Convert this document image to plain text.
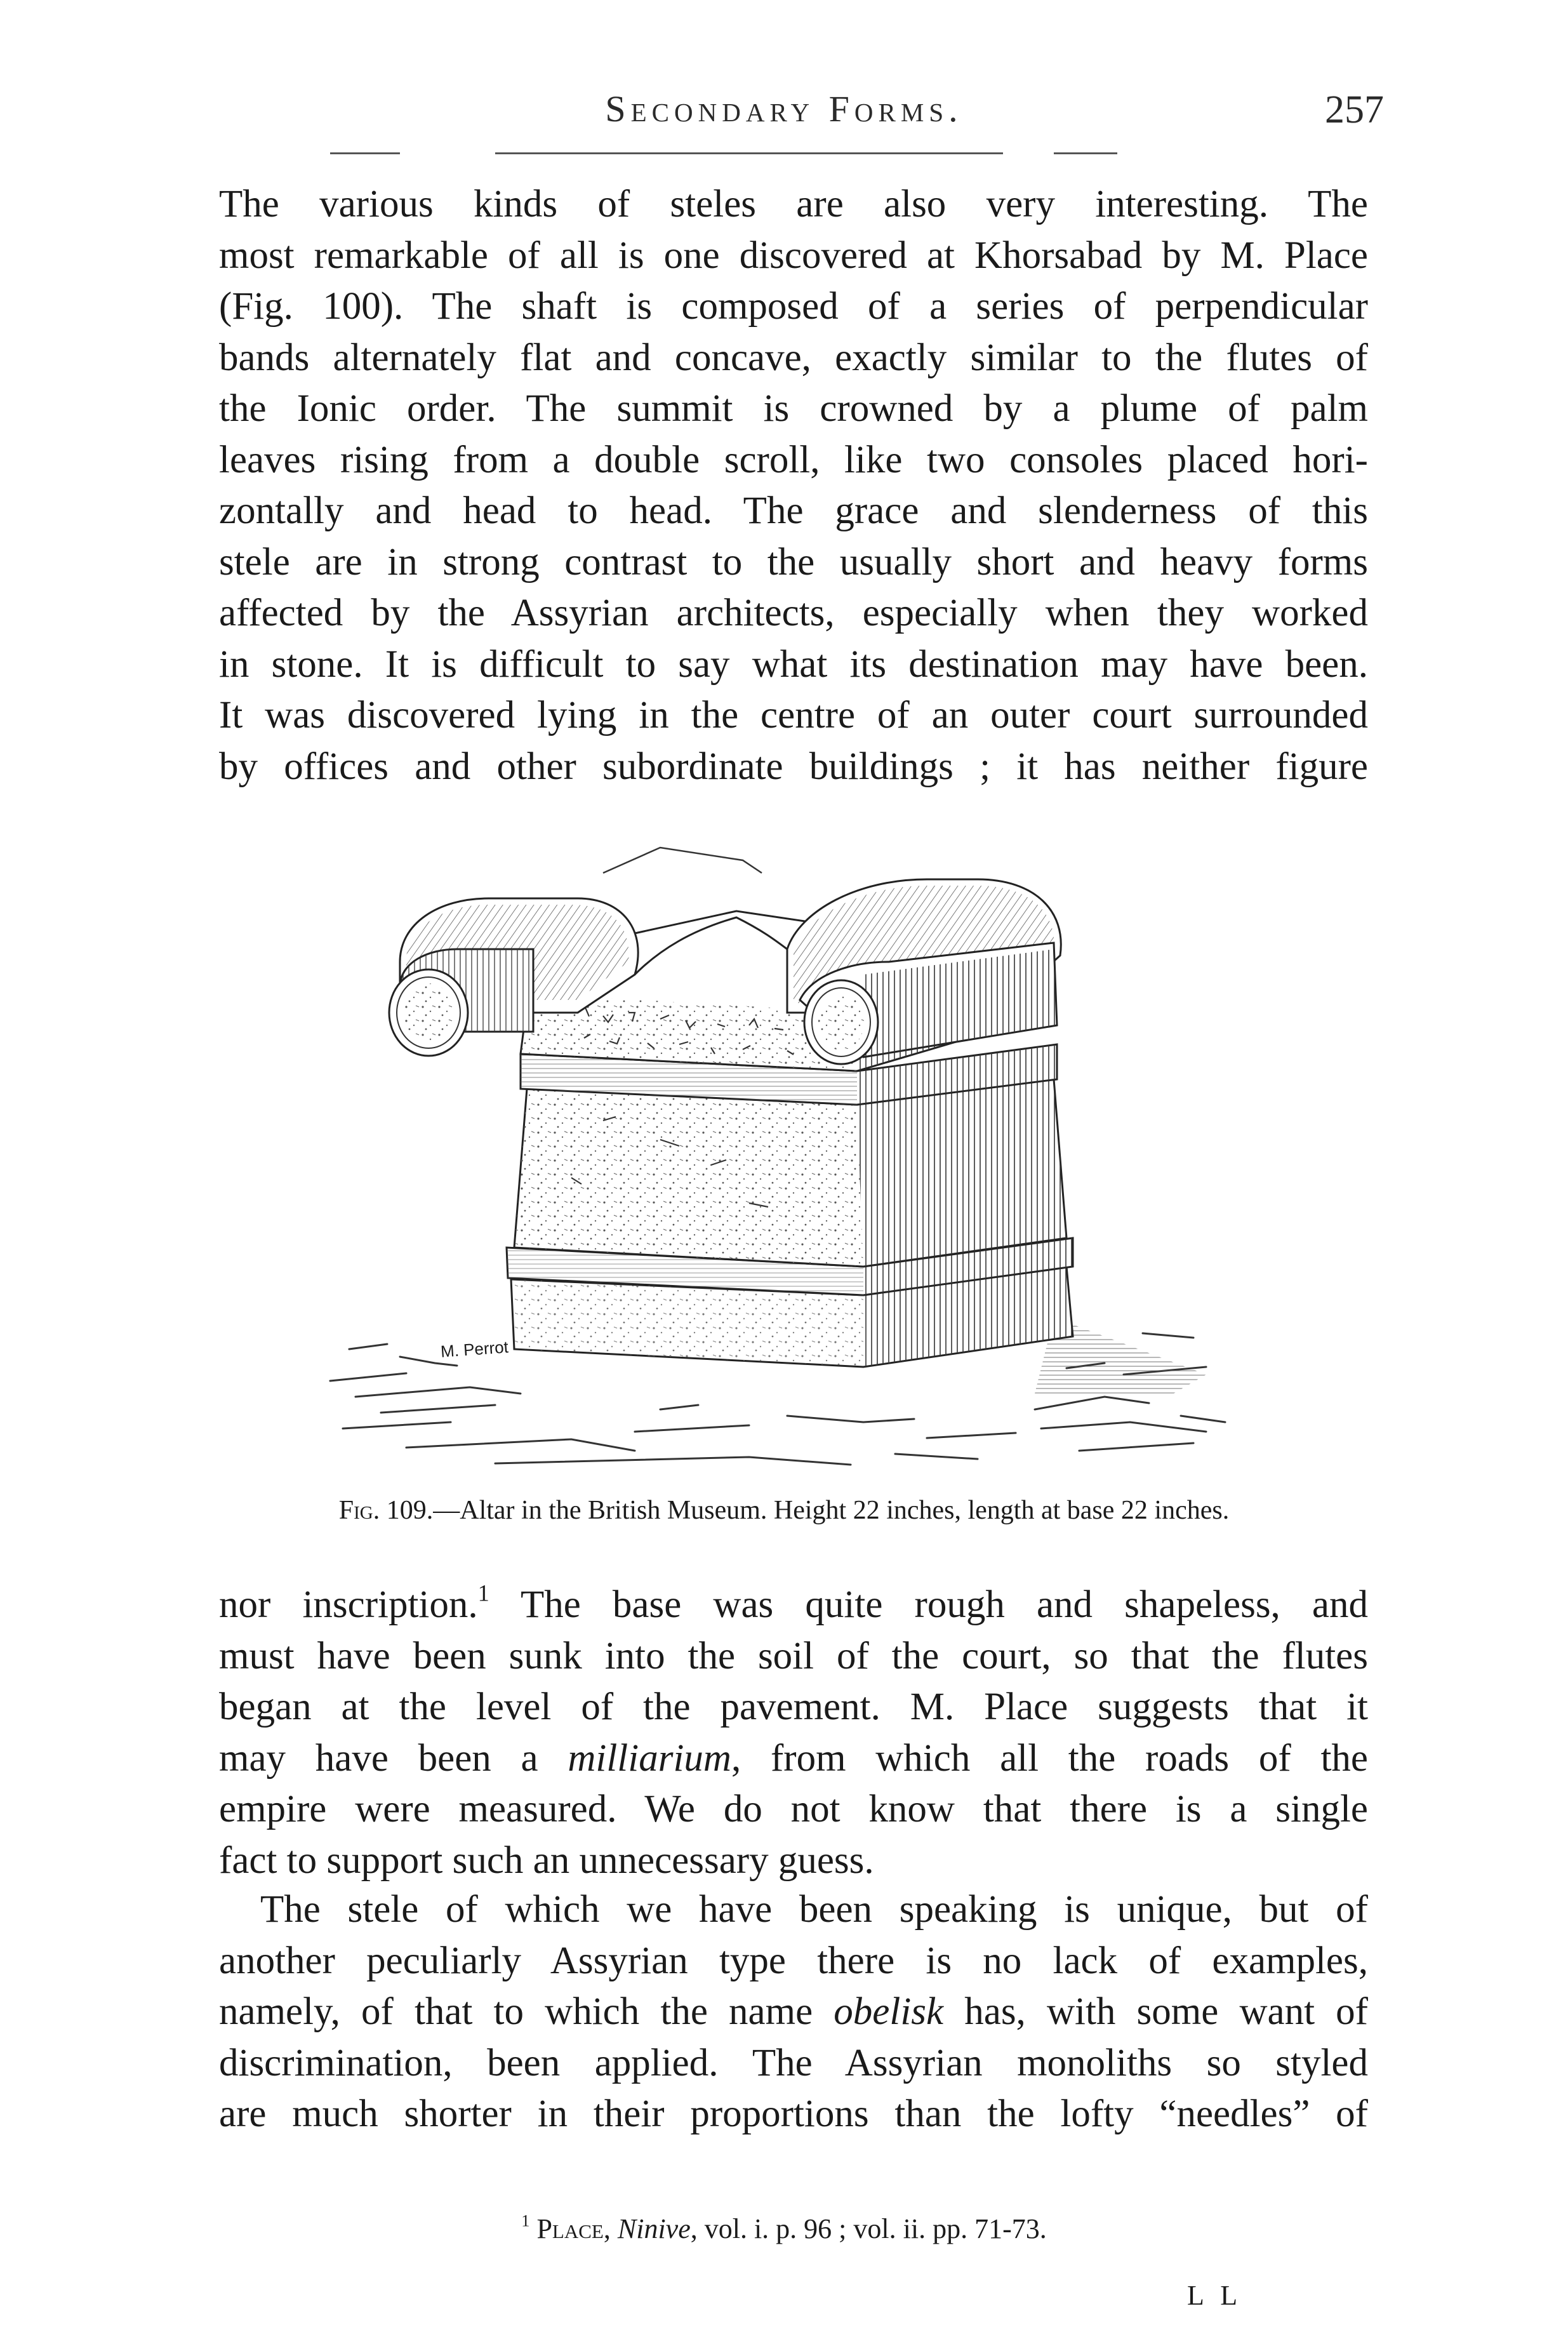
Secondary Forms.	257
The various kinds of steles are also very interesting. The
most remarkable of all is one discovered at Khorsabad by M. Place
(Fig. 100). The shaft is composed of a series of perpendicular
bands alternately flat and concave, exactly similar to the flutes of
the Ionic order. The summit is crowned by a plume of palm
leaves rising from a double scroll, like two consoles placed hori-
zontally and head to head. The grace and slenderness of this
stele are in strong contrast to the usually short and heavy forms
affected by the Assyrian architects, especially when they worked
in stone. It is difficult to say what its destination may have been.
It was discovered lying in the centre of an outer court surrounded
by offices and other subordinate buildings ; it has neither figure
M. Perrot
Fig. 109.—Altar in the British Museum. Height 22 inches, length at base 22 inches.
nor inscription.$^1$ The base was quite rough and shapeless, and
must have been sunk into the soil of the court, so that the flutes
began at the level of the pavement. M. Place suggests that it
may have been a milliarium, from which all the roads of the
empire were measured. We do not know that there is a single
fact to support such an unnecessary guess.
The stele of which we have been speaking is unique, but of
another peculiarly Assyrian type there is no lack of examples,
namely, of that to which the name obelisk has, with some want of
discrimination, been applied. The Assyrian monoliths so styled
are much shorter in their proportions than the lofty “needles” of
$^1$ Place, Ninive, vol. i. p. 96 ; vol. ii. pp. 71-73.
L L
